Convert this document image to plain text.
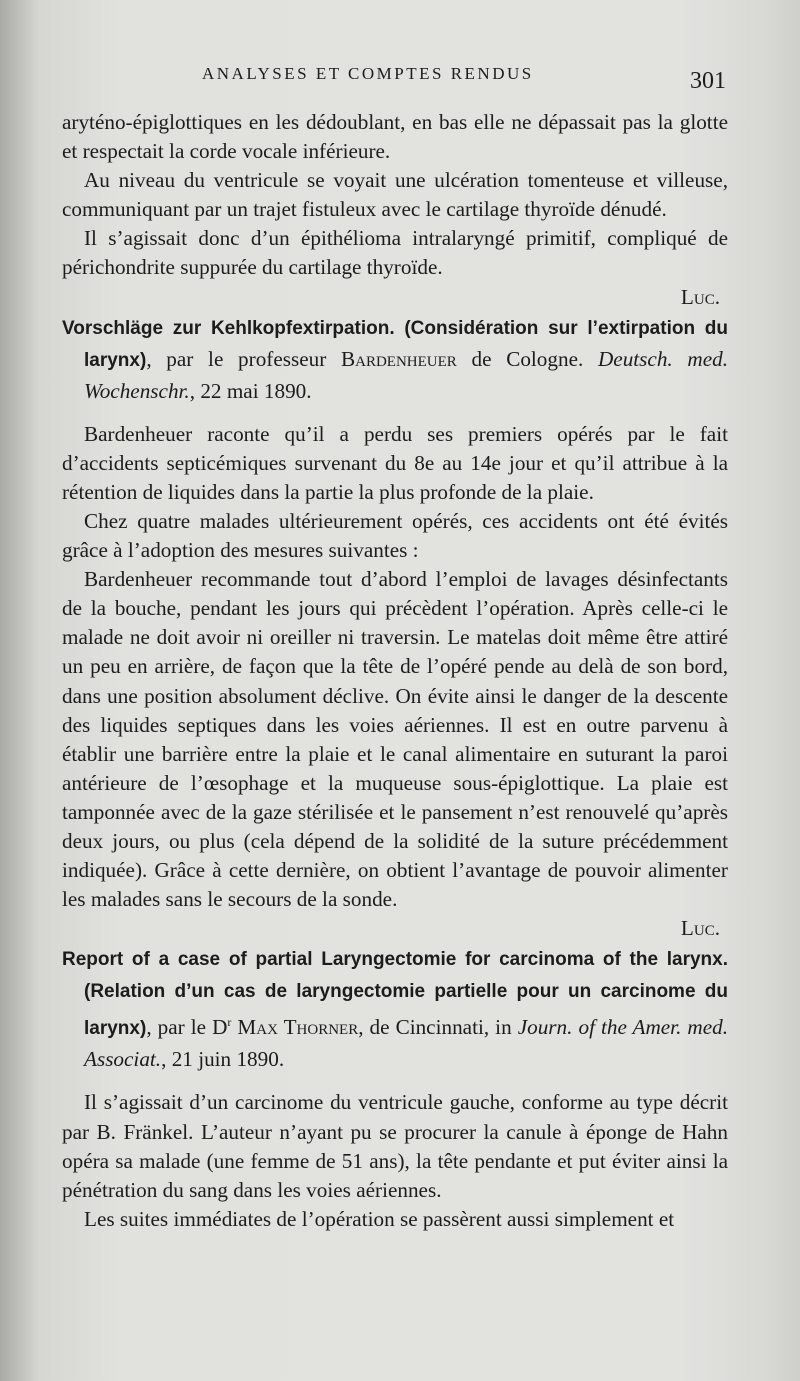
ANALYSES ET COMPTES RENDUS	301

aryténo-épiglottiques en les dédoublant, en bas elle ne dépassait pas la glotte et respectait la corde vocale inférieure.

Au niveau du ventricule se voyait une ulcération tomenteuse et villeuse, communiquant par un trajet fistuleux avec le cartilage thyroïde dénudé.

Il s’agissait donc d’un épithélioma intralaryngé primitif, compliqué de périchondrite suppurée du cartilage thyroïde.

Luc.

Vorschläge zur Kehlkopfextirpation. (Considération sur l’extirpation du larynx), par le professeur Bardenheuer de Cologne. Deutsch. med. Wochenschr., 22 mai 1890.

Bardenheuer raconte qu’il a perdu ses premiers opérés par le fait d’accidents septicémiques survenant du 8e au 14e jour et qu’il attribue à la rétention de liquides dans la partie la plus profonde de la plaie.

Chez quatre malades ultérieurement opérés, ces accidents ont été évités grâce à l’adoption des mesures suivantes :

Bardenheuer recommande tout d’abord l’emploi de lavages désinfectants de la bouche, pendant les jours qui précèdent l’opération. Après celle-ci le malade ne doit avoir ni oreiller ni traversin. Le matelas doit même être attiré un peu en arrière, de façon que la tête de l’opéré pende au delà de son bord, dans une position absolument déclive. On évite ainsi le danger de la descente des liquides septiques dans les voies aériennes. Il est en outre parvenu à établir une barrière entre la plaie et le canal alimentaire en suturant la paroi antérieure de l’œsophage et la muqueuse sous-épiglottique. La plaie est tamponnée avec de la gaze stérilisée et le pansement n’est renouvelé qu’après deux jours, ou plus (cela dépend de la solidité de la suture précédemment indiquée). Grâce à cette dernière, on obtient l’avantage de pouvoir alimenter les malades sans le secours de la sonde.

Luc.

Report of a case of partial Laryngectomie for carcinoma of the larynx. (Relation d’un cas de laryngectomie partielle pour un carcinome du larynx), par le $D^r$ Max Thorner, de Cincinnati, in Journ. of the Amer. med. Associat., 21 juin 1890.

Il s’agissait d’un carcinome du ventricule gauche, conforme au type décrit par B. Fränkel. L’auteur n’ayant pu se procurer la canule à éponge de Hahn opéra sa malade (une femme de 51 ans), la tête pendante et put éviter ainsi la pénétration du sang dans les voies aériennes.

Les suites immédiates de l’opération se passèrent aussi simplement et
